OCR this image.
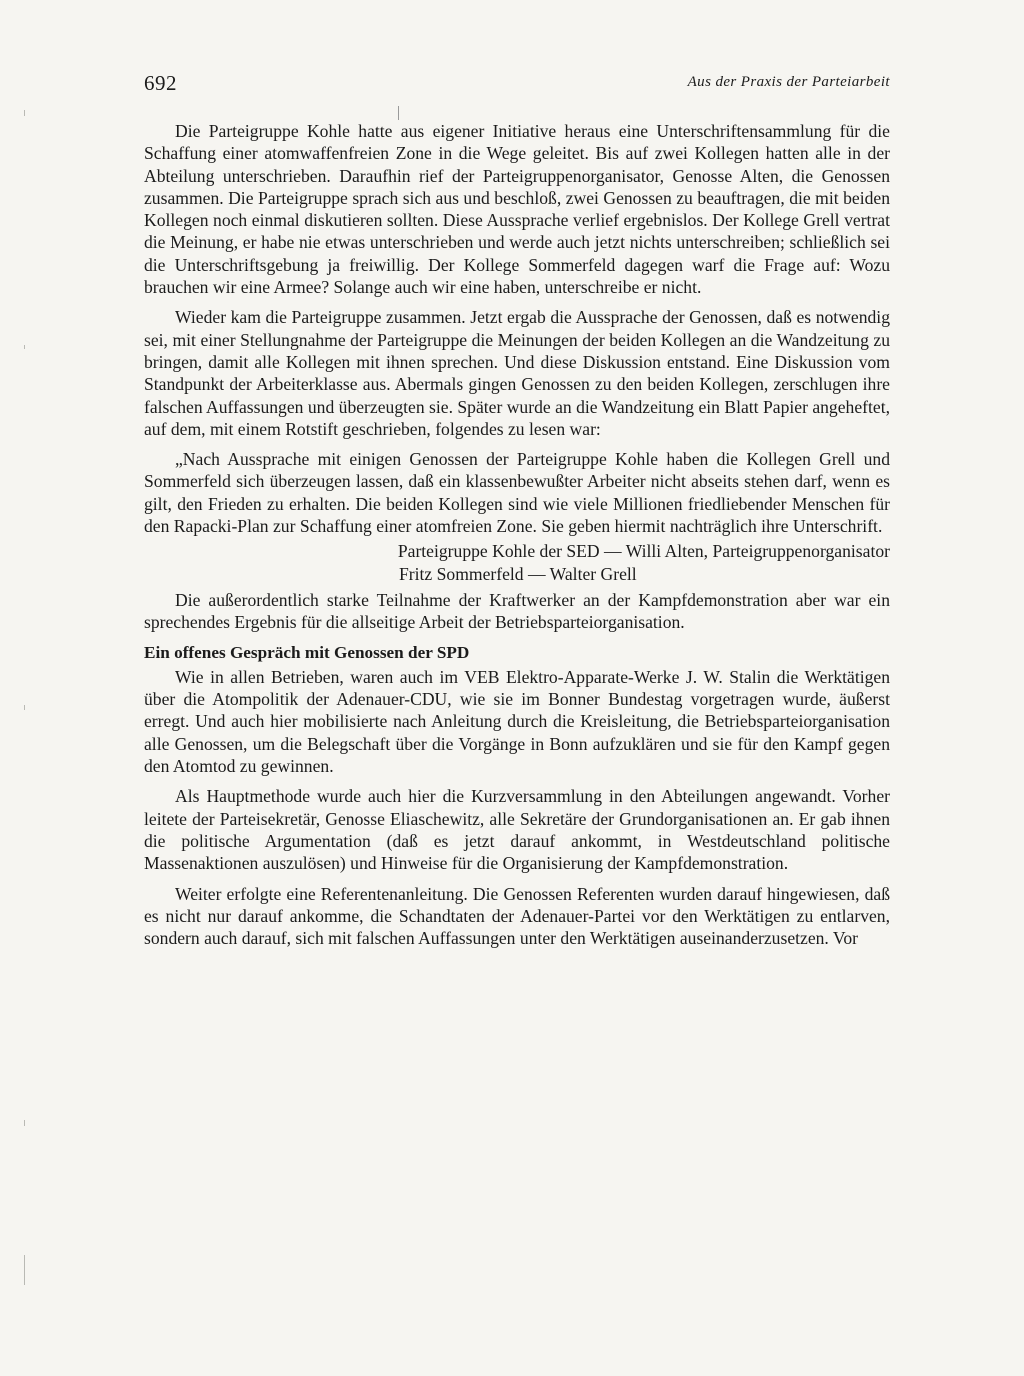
692	Aus der Praxis der Parteiarbeit

Die Parteigruppe Kohle hatte aus eigener Initiative heraus eine Unterschriftensammlung für die Schaffung einer atomwaffenfreien Zone in die Wege geleitet. Bis auf zwei Kollegen hatten alle in der Abteilung unterschrieben. Daraufhin rief der Parteigruppenorganisator, Genosse Alten, die Genossen zusammen. Die Parteigruppe sprach sich aus und beschloß, zwei Genossen zu beauftragen, die mit beiden Kollegen noch einmal diskutieren sollten. Diese Aussprache verlief ergebnislos. Der Kollege Grell vertrat die Meinung, er habe nie etwas unterschrieben und werde auch jetzt nichts unterschreiben; schließlich sei die Unterschriftsgebung ja freiwillig. Der Kollege Sommerfeld dagegen warf die Frage auf: Wozu brauchen wir eine Armee? Solange auch wir eine haben, unterschreibe er nicht.

Wieder kam die Parteigruppe zusammen. Jetzt ergab die Aussprache der Genossen, daß es notwendig sei, mit einer Stellungnahme der Parteigruppe die Meinungen der beiden Kollegen an die Wandzeitung zu bringen, damit alle Kollegen mit ihnen sprechen. Und diese Diskussion entstand. Eine Diskussion vom Standpunkt der Arbeiterklasse aus. Abermals gingen Genossen zu den beiden Kollegen, zerschlugen ihre falschen Auffassungen und überzeugten sie. Später wurde an die Wandzeitung ein Blatt Papier angeheftet, auf dem, mit einem Rotstift geschrieben, folgendes zu lesen war:

„Nach Aussprache mit einigen Genossen der Parteigruppe Kohle haben die Kollegen Grell und Sommerfeld sich überzeugen lassen, daß ein klassenbewußter Arbeiter nicht abseits stehen darf, wenn es gilt, den Frieden zu erhalten. Die beiden Kollegen sind wie viele Millionen friedliebender Menschen für den Rapacki-Plan zur Schaffung einer atomfreien Zone. Sie geben hiermit nachträglich ihre Unterschrift.

Parteigruppe Kohle der SED — Willi Alten, Parteigruppenorganisator
Fritz Sommerfeld — Walter Grell

Die außerordentlich starke Teilnahme der Kraftwerker an der Kampfdemonstration aber war ein sprechendes Ergebnis für die allseitige Arbeit der Betriebsparteiorganisation.

Ein offenes Gespräch mit Genossen der SPD

Wie in allen Betrieben, waren auch im VEB Elektro-Apparate-Werke J. W. Stalin die Werktätigen über die Atompolitik der Adenauer-CDU, wie sie im Bonner Bundestag vorgetragen wurde, äußerst erregt. Und auch hier mobilisierte nach Anleitung durch die Kreisleitung, die Betriebsparteiorganisation alle Genossen, um die Belegschaft über die Vorgänge in Bonn aufzuklären und sie für den Kampf gegen den Atomtod zu gewinnen.

Als Hauptmethode wurde auch hier die Kurzversammlung in den Abteilungen angewandt. Vorher leitete der Parteisekretär, Genosse Eliaschewitz, alle Sekretäre der Grundorganisationen an. Er gab ihnen die politische Argumentation (daß es jetzt darauf ankommt, in Westdeutschland politische Massenaktionen auszulösen) und Hinweise für die Organisierung der Kampfdemonstration.

Weiter erfolgte eine Referentenanleitung. Die Genossen Referenten wurden darauf hingewiesen, daß es nicht nur darauf ankomme, die Schandtaten der Adenauer-Partei vor den Werktätigen zu entlarven, sondern auch darauf, sich mit falschen Auffassungen unter den Werktätigen auseinanderzusetzen. Vor
